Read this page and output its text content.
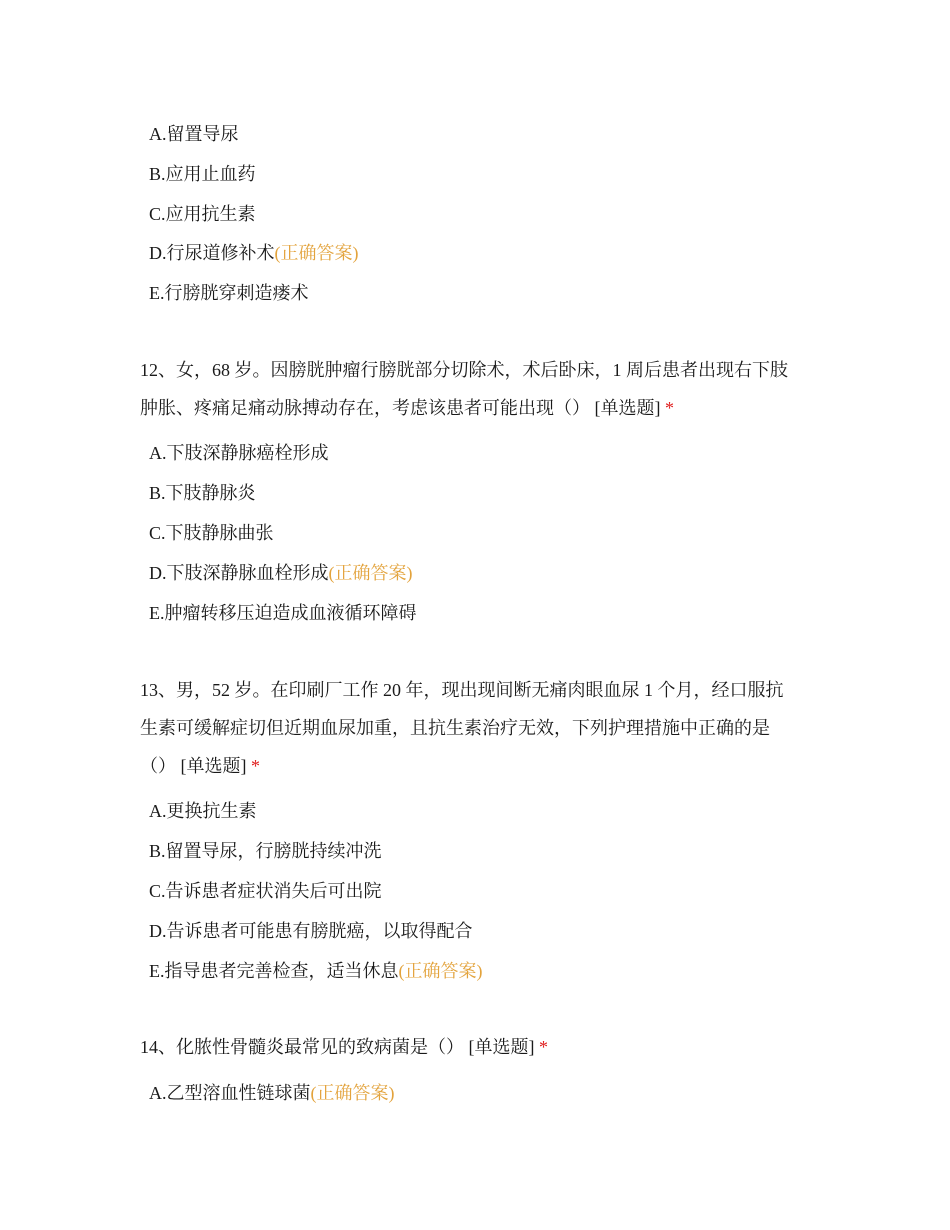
A.留置导尿
B.应用止血药
C.应用抗生素
D.行尿道修补术(正确答案)
E.行膀胱穿刺造瘘术
12、女，68 岁。因膀胱肿瘤行膀胱部分切除术，术后卧床，1 周后患者出现右下肢
肿胀、疼痛足痛动脉搏动存在，考虑该患者可能出现（） [单选题] *
A.下肢深静脉癌栓形成
B.下肢静脉炎
C.下肢静脉曲张
D.下肢深静脉血栓形成(正确答案)
E.肿瘤转移压迫造成血液循环障碍
13、男，52 岁。在印刷厂工作 20 年，现出现间断无痛肉眼血尿 1 个月，经口服抗
生素可缓解症切但近期血尿加重，且抗生素治疗无效，下列护理措施中正确的是
（） [单选题] *
A.更换抗生素
B.留置导尿，行膀胱持续冲洗
C.告诉患者症状消失后可出院
D.告诉患者可能患有膀胱癌，以取得配合
E.指导患者完善检查，适当休息(正确答案)
14、化脓性骨髓炎最常见的致病菌是（） [单选题] *
A.乙型溶血性链球菌(正确答案)
